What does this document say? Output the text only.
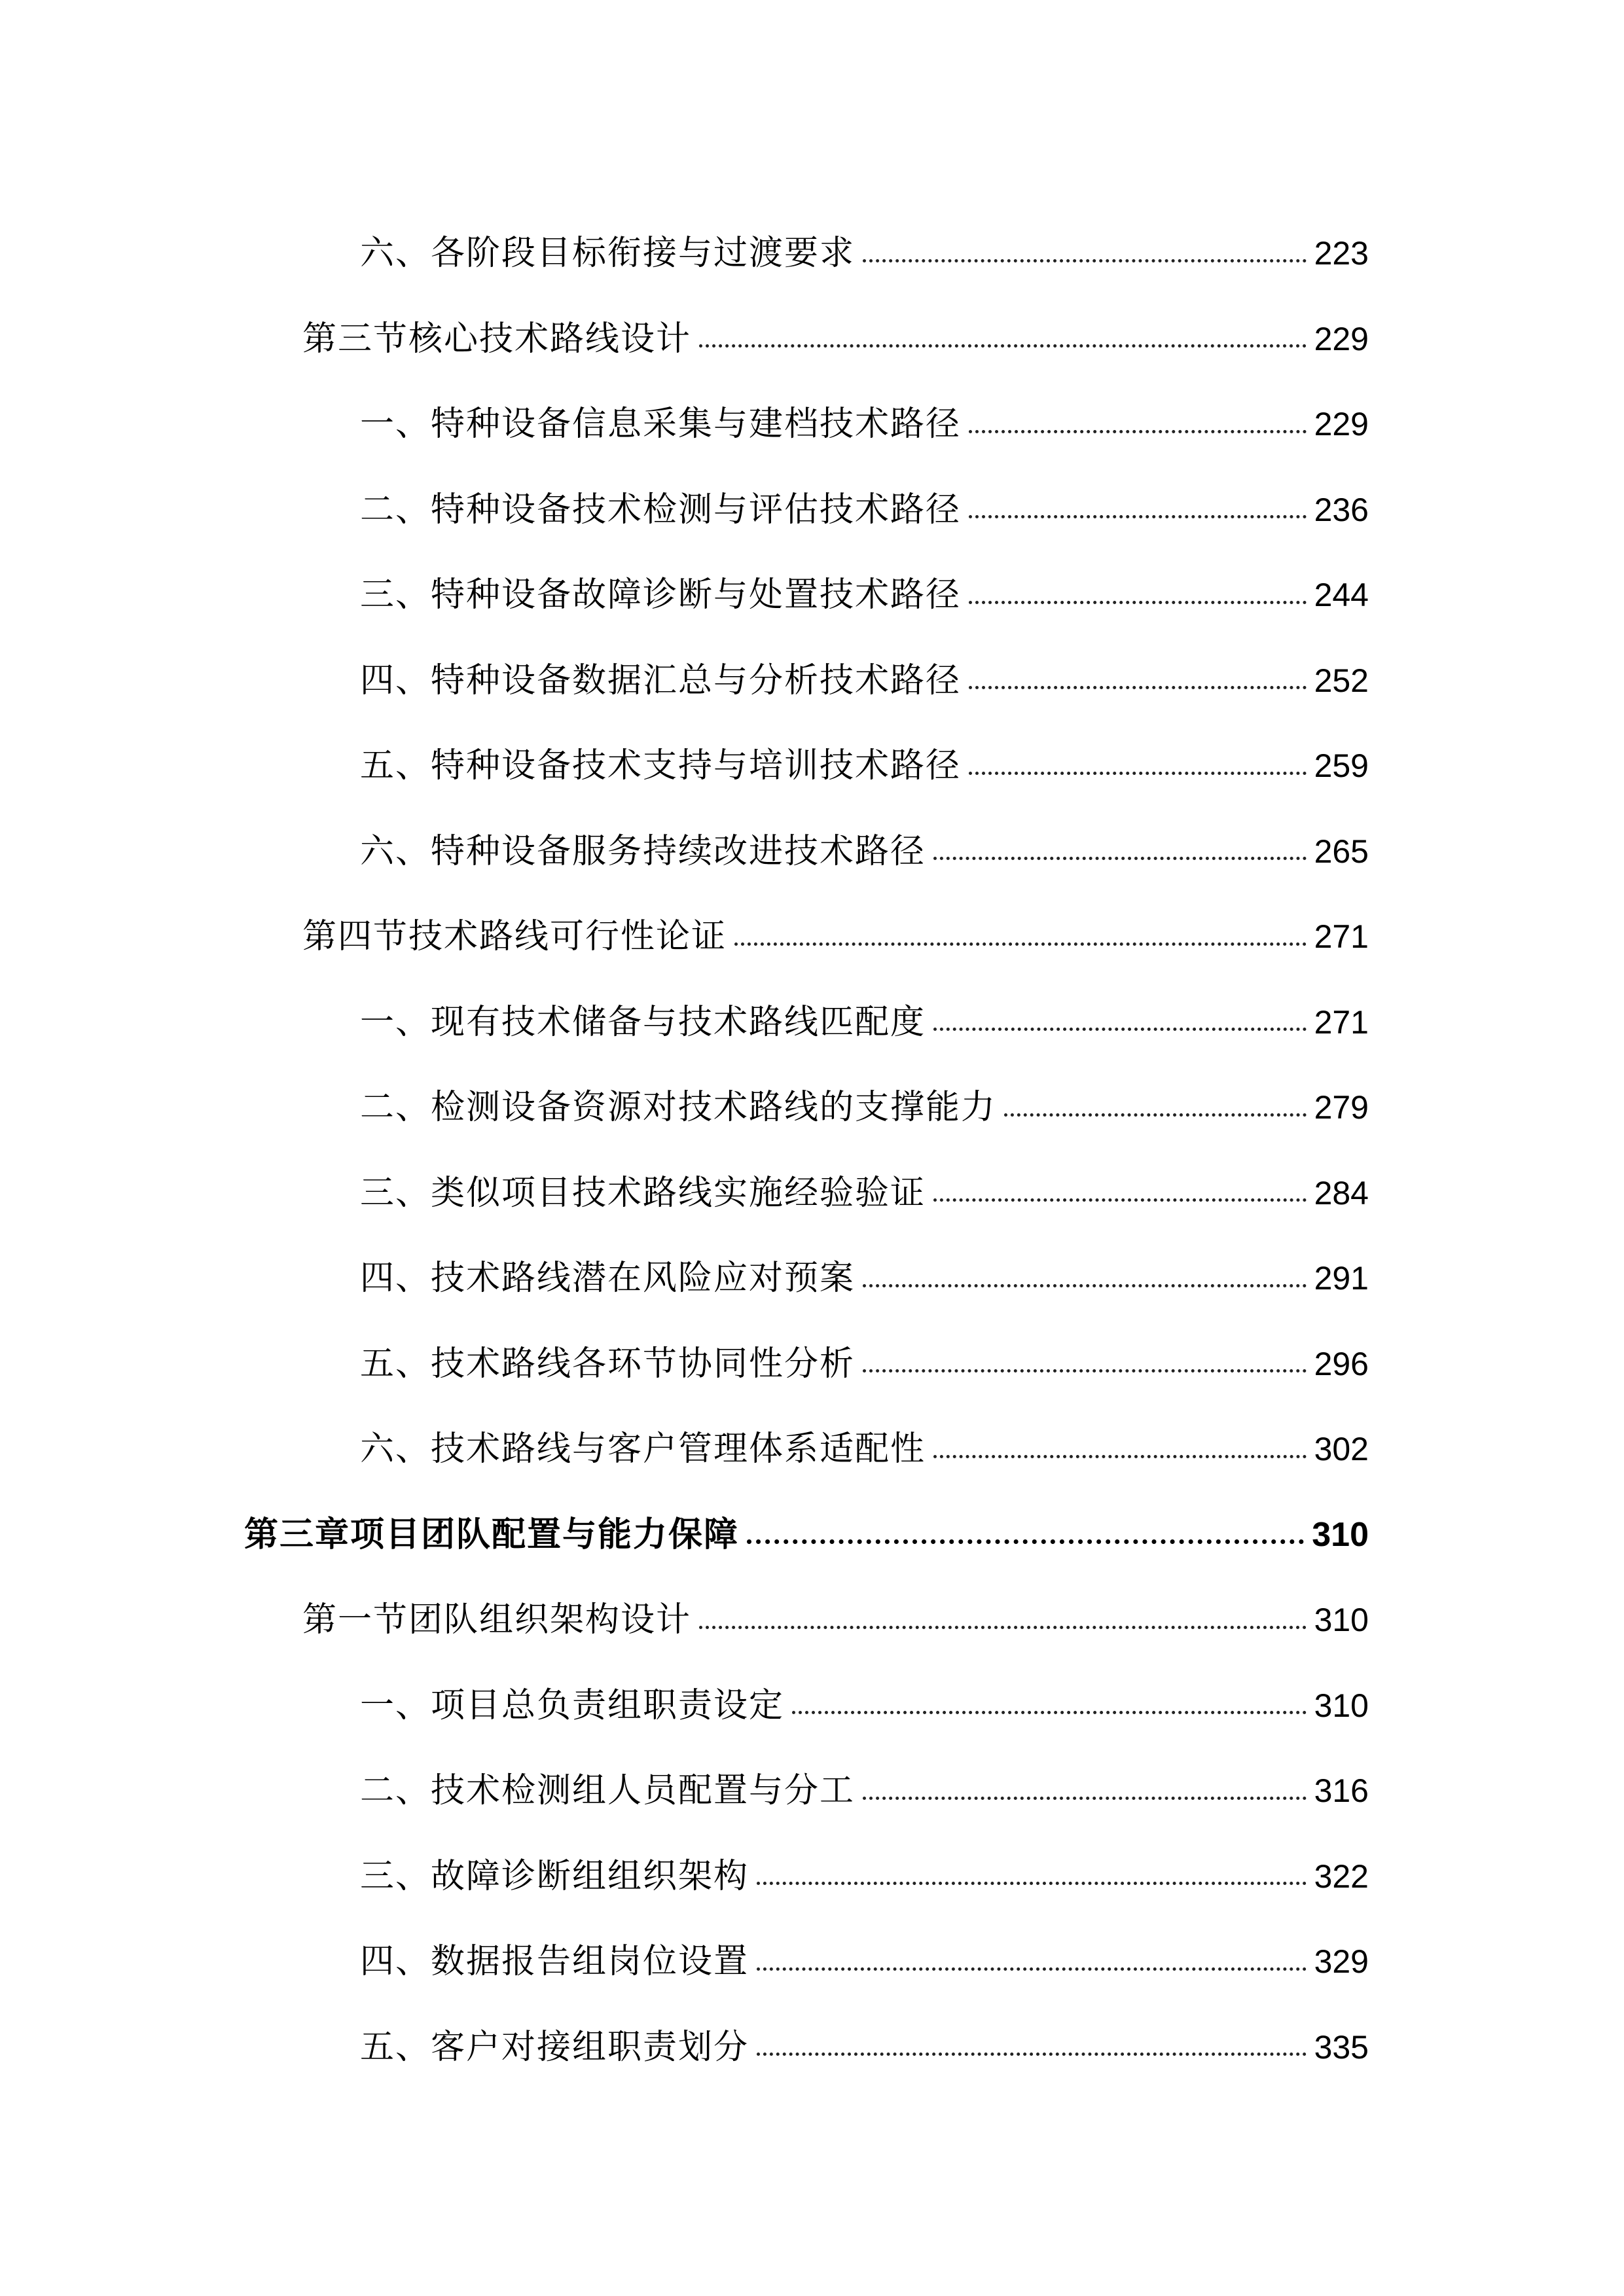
六、各阶段目标衔接与过渡要求	223
第三节核心技术路线设计	229
一、特种设备信息采集与建档技术路径	229
二、特种设备技术检测与评估技术路径	236
三、特种设备故障诊断与处置技术路径	244
四、特种设备数据汇总与分析技术路径	252
五、特种设备技术支持与培训技术路径	259
六、特种设备服务持续改进技术路径	265
第四节技术路线可行性论证	271
一、现有技术储备与技术路线匹配度	271
二、检测设备资源对技术路线的支撑能力	279
三、类似项目技术路线实施经验验证	284
四、技术路线潜在风险应对预案	291
五、技术路线各环节协同性分析	296
六、技术路线与客户管理体系适配性	302
第三章项目团队配置与能力保障	310
第一节团队组织架构设计	310
一、项目总负责组职责设定	310
二、技术检测组人员配置与分工	316
三、故障诊断组组织架构	322
四、数据报告组岗位设置	329
五、客户对接组职责划分	335
